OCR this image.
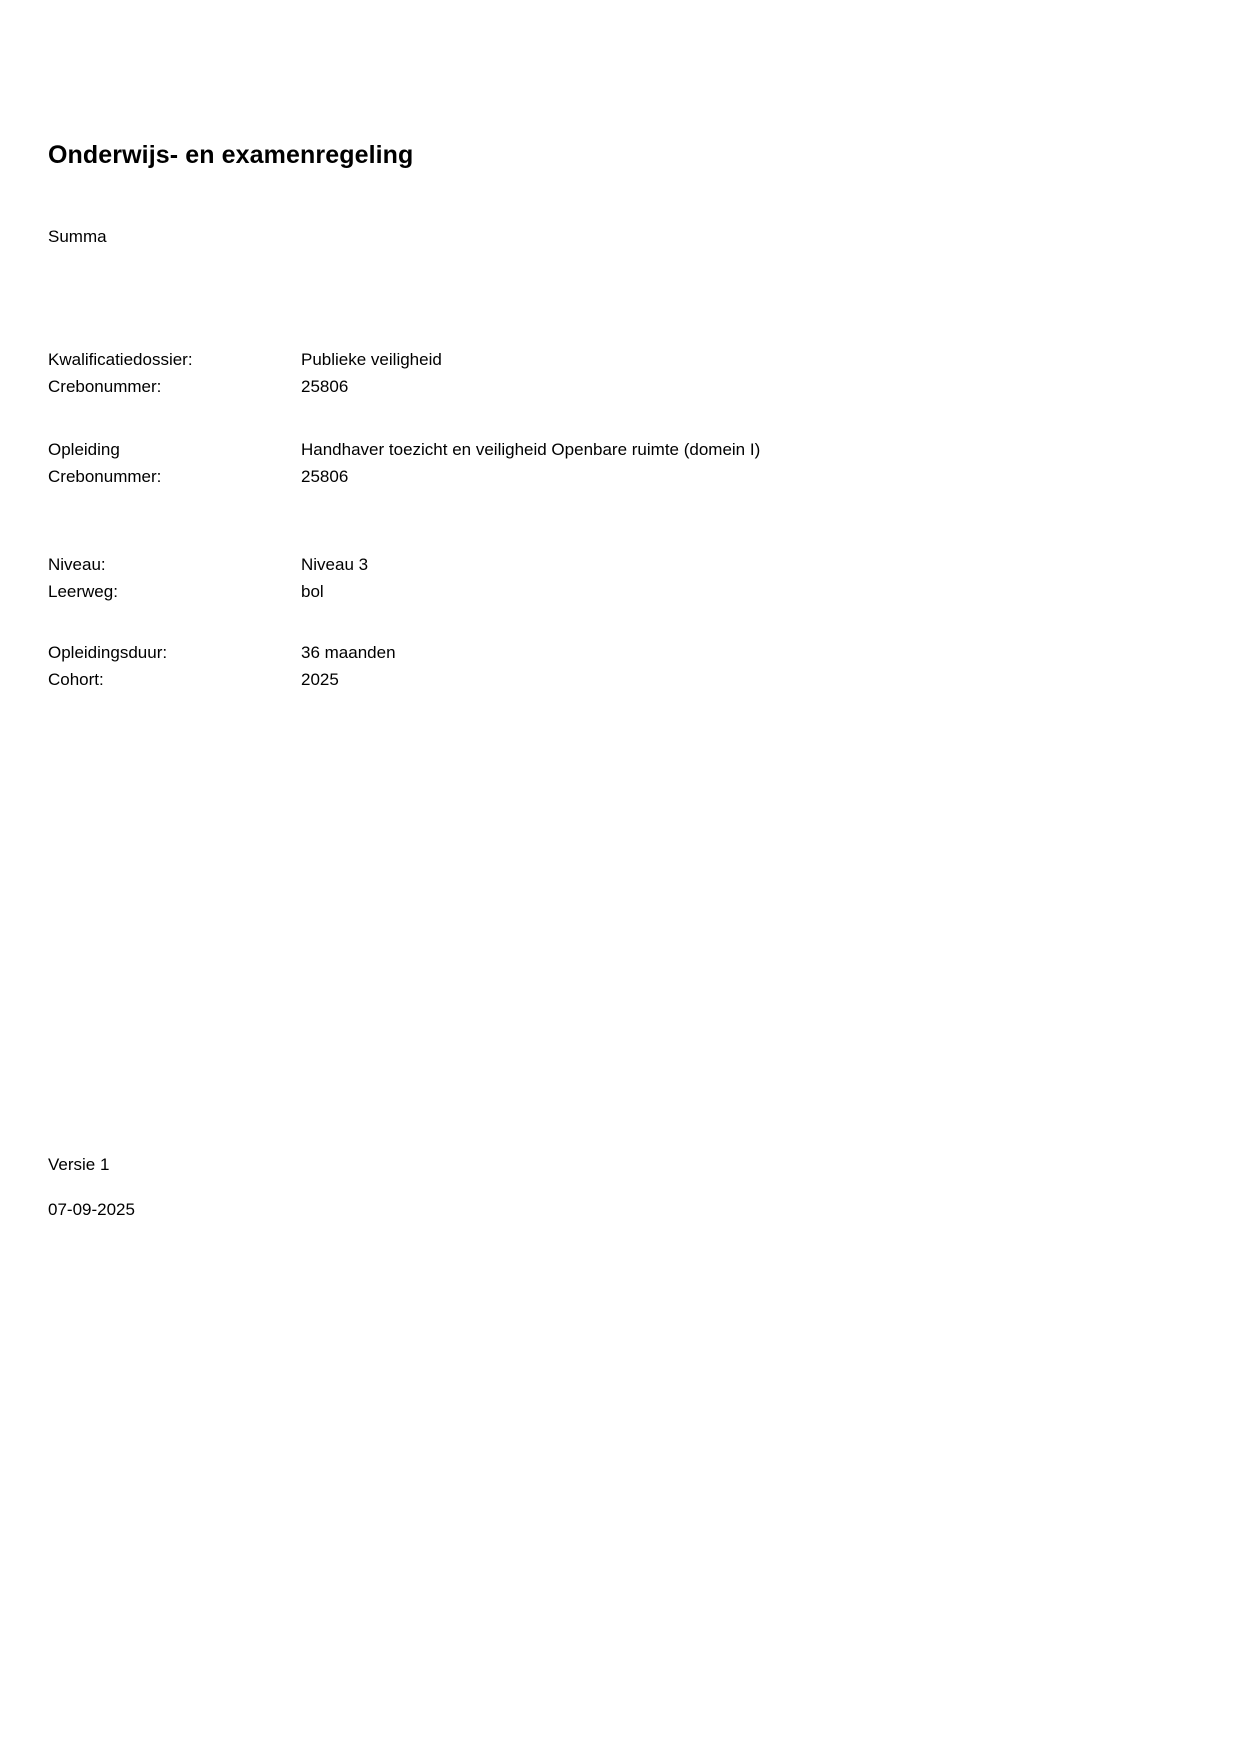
Onderwijs- en examenregeling
Summa
Kwalificatiedossier:	Publieke veiligheid
Crebonummer:	25806
Opleiding	Handhaver toezicht en veiligheid Openbare ruimte (domein I)
Crebonummer:	25806
Niveau:	Niveau 3
Leerweg:	bol
Opleidingsduur:	36 maanden
Cohort:	2025
Versie 1
07-09-2025
